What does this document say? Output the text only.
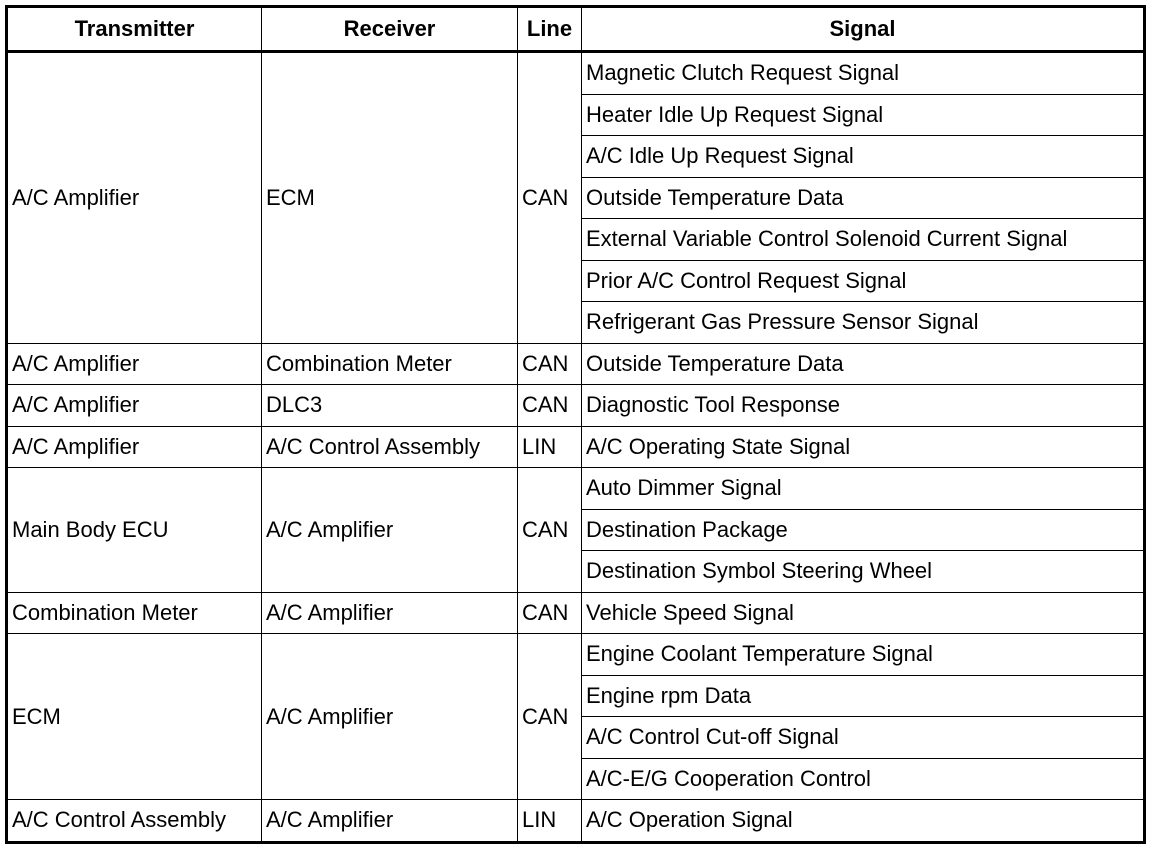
Transmitter	Receiver	Line	Signal
A/C Amplifier	ECM	CAN	Magnetic Clutch Request Signal
			Heater Idle Up Request Signal
			A/C Idle Up Request Signal
			Outside Temperature Data
			External Variable Control Solenoid Current Signal
			Prior A/C Control Request Signal
			Refrigerant Gas Pressure Sensor Signal
A/C Amplifier	Combination Meter	CAN	Outside Temperature Data
A/C Amplifier	DLC3	CAN	Diagnostic Tool Response
A/C Amplifier	A/C Control Assembly	LIN	A/C Operating State Signal
Main Body ECU	A/C Amplifier	CAN	Auto Dimmer Signal
			Destination Package
			Destination Symbol Steering Wheel
Combination Meter	A/C Amplifier	CAN	Vehicle Speed Signal
ECM	A/C Amplifier	CAN	Engine Coolant Temperature Signal
			Engine rpm Data
			A/C Control Cut-off Signal
			A/C-E/G Cooperation Control
A/C Control Assembly	A/C Amplifier	LIN	A/C Operation Signal
